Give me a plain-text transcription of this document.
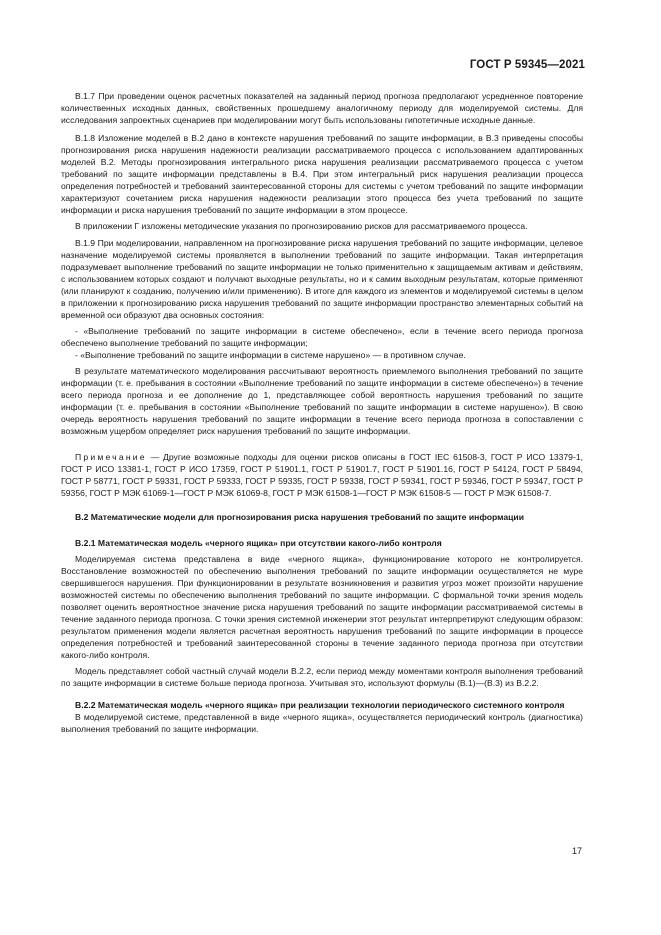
ГОСТ Р 59345—2021

В.1.7 При проведении оценок расчетных показателей на заданный период прогноза предполагают усредненное повторение количественных исходных данных, свойственных прошедшему аналогичному периоду для моделируемой системы. Для исследования запроектных сценариев при моделировании могут быть использованы гипотетичные исходные данные.

В.1.8 Изложение моделей в В.2 дано в контексте нарушения требований по защите информации, в В.3 приведены способы прогнозирования риска нарушения надежности реализации рассматриваемого процесса с использованием адаптированных моделей В.2. Методы прогнозирования интегрального риска нарушения реализации рассматриваемого процесса с учетом требований по защите информации представлены в В.4. При этом интегральный риск нарушения реализации процесса определения потребностей и требований заинтересованной стороны для системы с учетом требований по защите информации характеризуют сочетанием риска нарушения надежности реализации этого процесса без учета требований по защите информации и риска нарушения требований по защите информации в этом процессе.

В приложении Г изложены методические указания по прогнозированию рисков для рассматриваемого процесса.

В.1.9 При моделировании, направленном на прогнозирование риска нарушения требований по защите информации, целевое назначение моделируемой системы проявляется в выполнении требований по защите информации. Такая интерпретация подразумевает выполнение требований по защите информации не только применительно к защищаемым активам и действиям, с использованием которых создают и получают выходные результаты, но и к самим выходным результатам, которые применяют (или планируют к созданию, получению и/или применению). В итоге для каждого из элементов и моделируемой системы в целом в приложении к прогнозированию риска нарушения требований по защите информации пространство элементарных событий на временной оси образуют два основных состояния:

- «Выполнение требований по защите информации в системе обеспечено», если в течение всего периода прогноза обеспечено выполнение требований по защите информации;

- «Выполнение требований по защите информации в системе нарушено» — в противном случае.

В результате математического моделирования рассчитывают вероятность приемлемого выполнения требований по защите информации (т. е. пребывания в состоянии «Выполнение требований по защите информации в системе обеспечено») в течение всего периода прогноза и ее дополнение до 1, представляющее собой вероятность нарушения требований по защите информации (т. е. пребывания в состоянии «Выполнение требований по защите информации в системе нарушено»). В свою очередь вероятность нарушения требований по защите информации в течение всего периода прогноза в сопоставлении с возможным ущербом определяет риск нарушения требований по защите информации.

Примечание — Другие возможные подходы для оценки рисков описаны в ГОСТ IEC 61508-3, ГОСТ Р ИСО 13379-1, ГОСТ Р ИСО 13381-1, ГОСТ Р ИСО 17359, ГОСТ Р 51901.1, ГОСТ Р 51901.7, ГОСТ Р 51901.16, ГОСТ Р 54124, ГОСТ Р 58494, ГОСТ Р 58771, ГОСТ Р 59331, ГОСТ Р 59333, ГОСТ Р 59335, ГОСТ Р 59338, ГОСТ Р 59341, ГОСТ Р 59346, ГОСТ Р 59347, ГОСТ Р 59356, ГОСТ Р МЭК 61069-1—ГОСТ Р МЭК 61069-8, ГОСТ Р МЭК 61508-1—ГОСТ Р МЭК 61508-5 — ГОСТ Р МЭК 61508-7.

В.2 Математические модели для прогнозирования риска нарушения требований по защите информации

В.2.1 Математическая модель «черного ящика» при отсутствии какого-либо контроля

Моделируемая система представлена в виде «черного ящика», функционирование которого не контролируется. Восстановление возможностей по обеспечению выполнения требований по защите информации осуществляется не муре свершившегося нарушения. При функционировании в результате возникновения и развития угроз может произойти нарушение возможностей системы по обеспечению выполнения требований по защите информации. С формальной точки зрения модель позволяет оценить вероятностное значение риска нарушения требований по защите информации рассматриваемой системы в течение заданного периода прогноза. С точки зрения системной инженерии этот результат интерпретируют следующим образом: результатом применения модели является расчетная вероятность нарушения требований по защите информации в процессе определения потребностей и требований заинтересованной стороны в течение заданного периода прогноза при отсутствии какого-либо контроля.

Модель представляет собой частный случай модели В.2.2, если период между моментами контроля выполнения требований по защите информации в системе больше периода прогноза. Учитывая это, используют формулы (В.1)—(В.3) из В.2.2.

В.2.2 Математическая модель «черного ящика» при реализации технологии периодического системного контроля

В моделируемой системе, представленной в виде «черного ящика», осуществляется периодический контроль (диагностика) выполнения требований по защите информации.

17
